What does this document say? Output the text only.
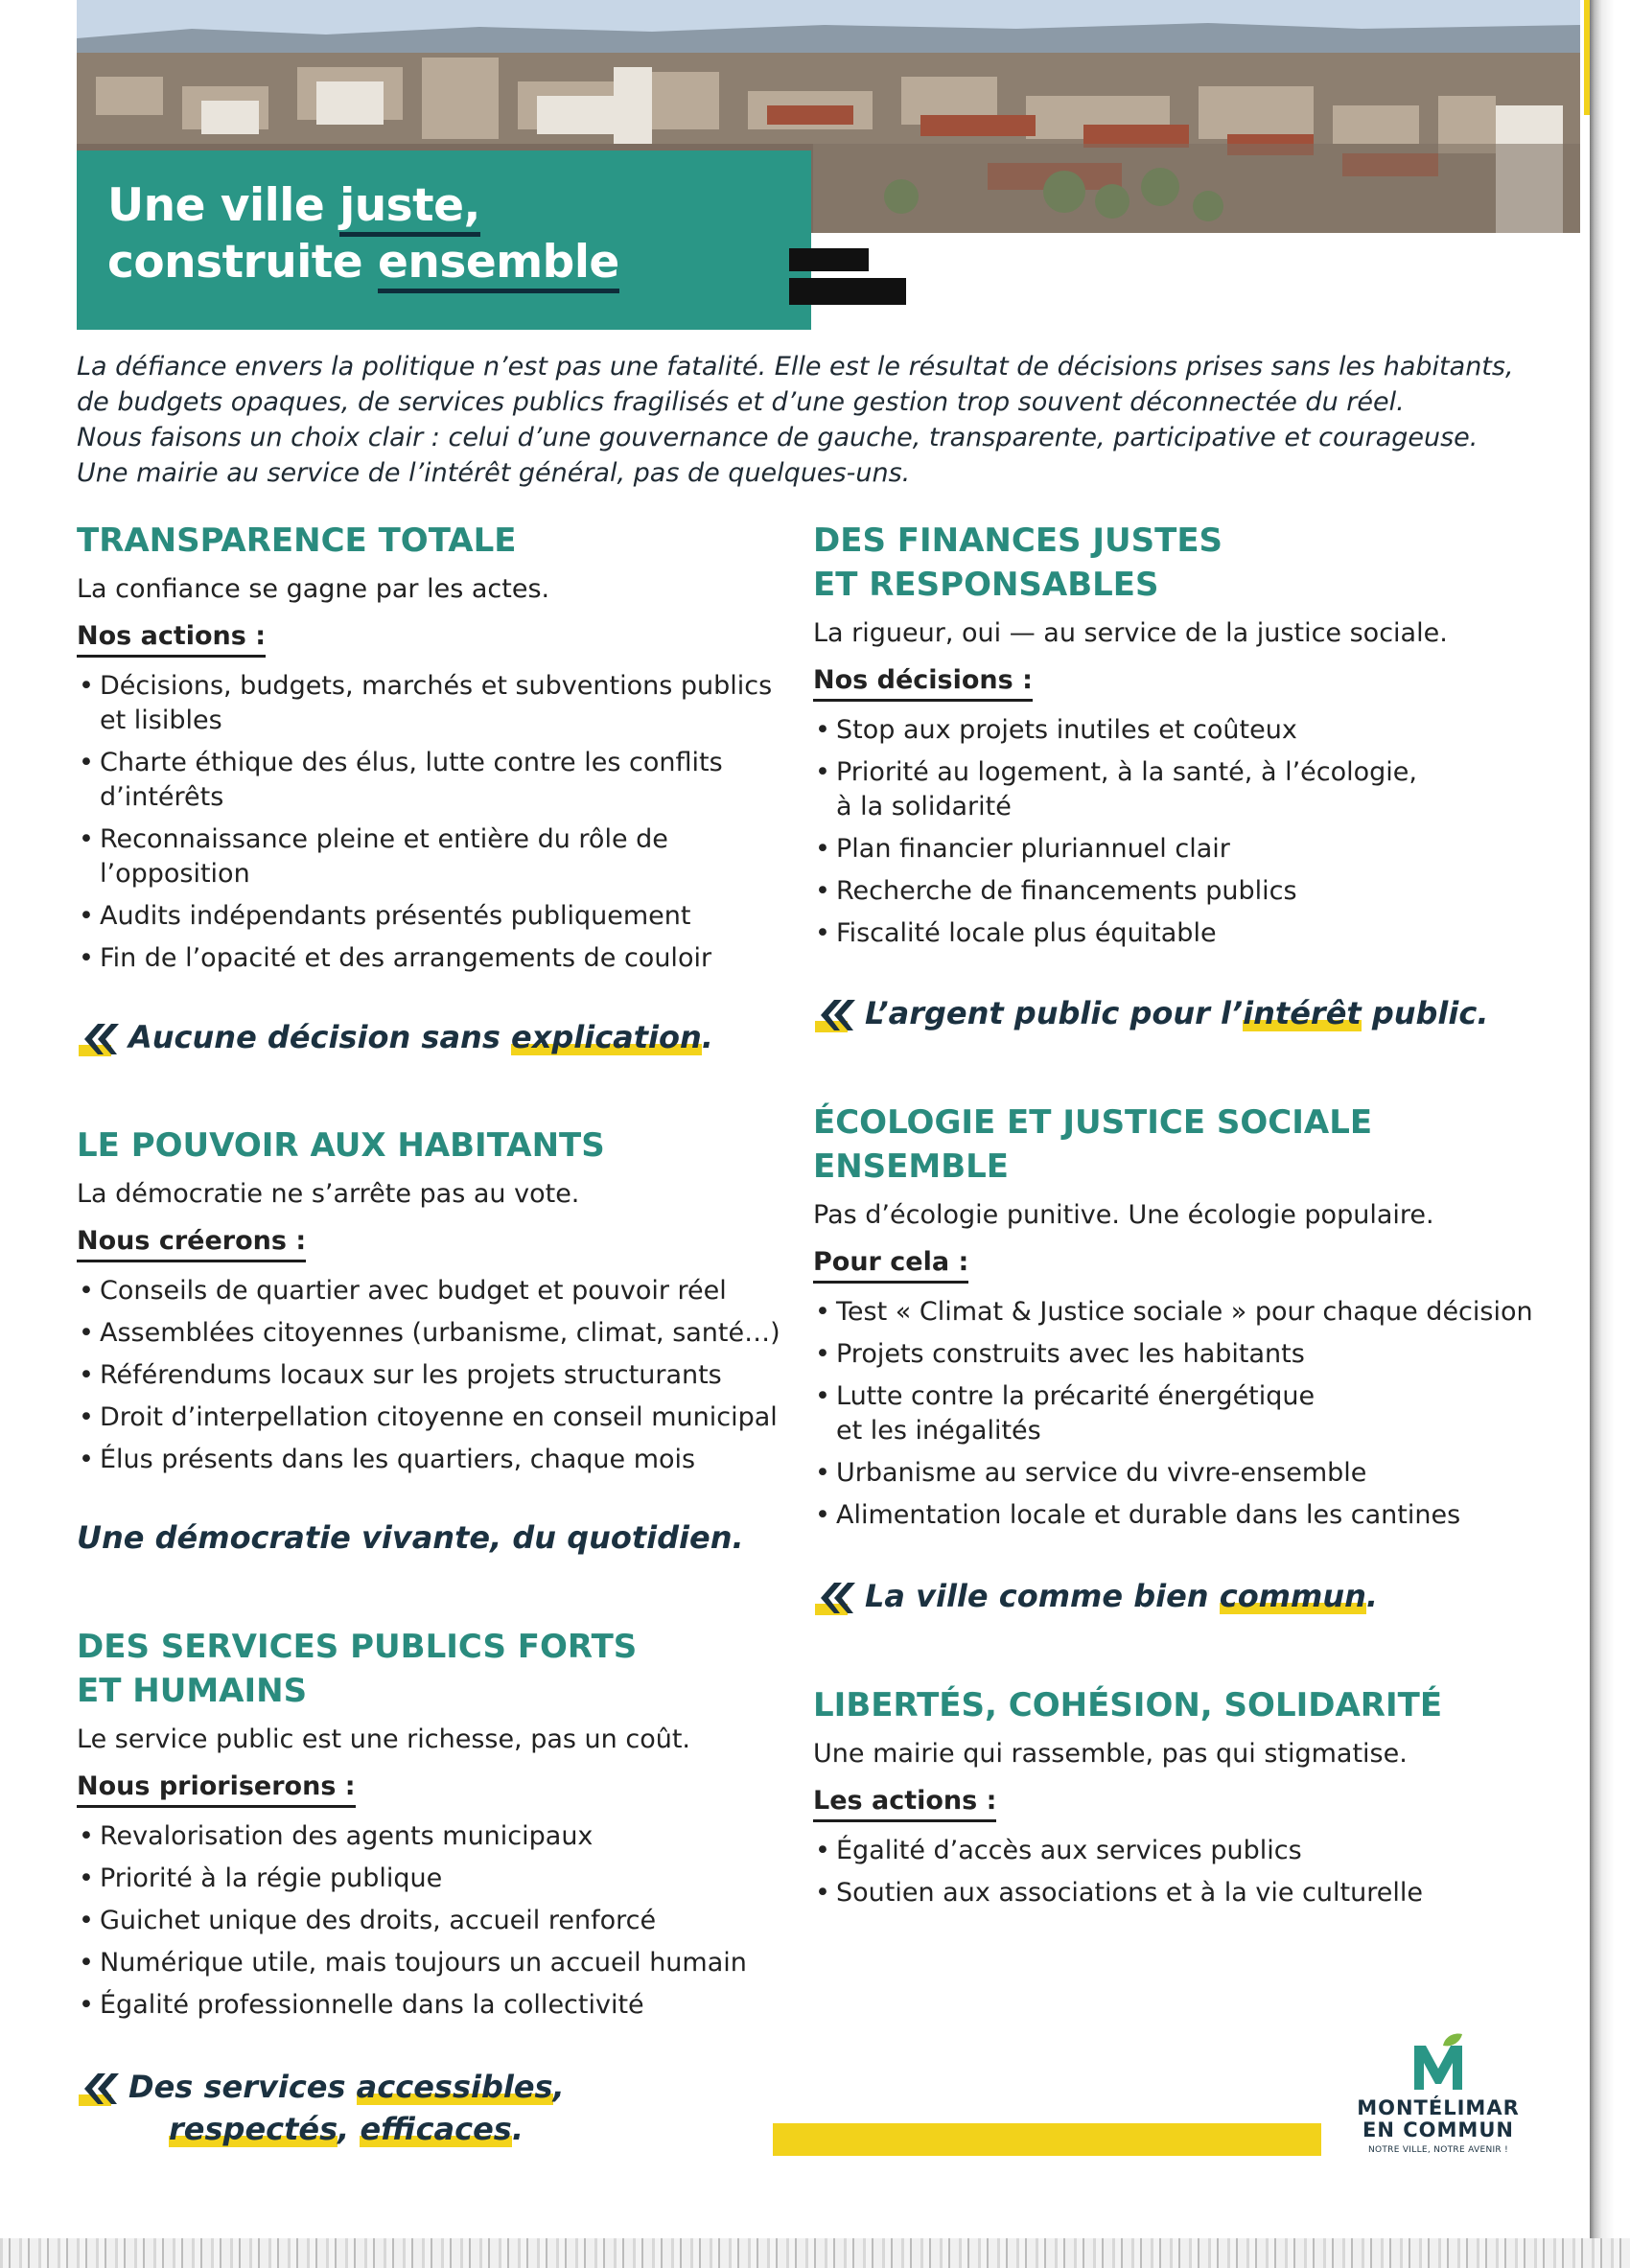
Une ville juste,
construite ensemble
La défiance envers la politique n’est pas une fatalité. Elle est le résultat de décisions prises sans les habitants,
de budgets opaques, de services publics fragilisés et d’une gestion trop souvent déconnectée du réel.
Nous faisons un choix clair : celui d’une gouvernance de gauche, transparente, participative et courageuse.
Une mairie au service de l’intérêt général, pas de quelques-uns.
TRANSPARENCE TOTALE
La confiance se gagne par les actes.
Nos actions :
• Décisions, budgets, marchés et subventions publics
et lisibles
• Charte éthique des élus, lutte contre les conflits
d’intérêts
• Reconnaissance pleine et entière du rôle de
l’opposition
• Audits indépendants présentés publiquement
• Fin de l’opacité et des arrangements de couloir
Aucune décision sans explication.
LE POUVOIR AUX HABITANTS
La démocratie ne s’arrête pas au vote.
Nous créerons :
• Conseils de quartier avec budget et pouvoir réel
• Assemblées citoyennes (urbanisme, climat, santé…)
• Référendums locaux sur les projets structurants
• Droit d’interpellation citoyenne en conseil municipal
• Élus présents dans les quartiers, chaque mois
Une démocratie vivante, du quotidien.
DES SERVICES PUBLICS FORTS
ET HUMAINS
Le service public est une richesse, pas un coût.
Nous prioriserons :
• Revalorisation des agents municipaux
• Priorité à la régie publique
• Guichet unique des droits, accueil renforcé
• Numérique utile, mais toujours un accueil humain
• Égalité professionnelle dans la collectivité
Des services accessibles,
respectés, efficaces.
DES FINANCES JUSTES
ET RESPONSABLES
La rigueur, oui — au service de la justice sociale.
Nos décisions :
• Stop aux projets inutiles et coûteux
• Priorité au logement, à la santé, à l’écologie,
à la solidarité
• Plan financier pluriannuel clair
• Recherche de financements publics
• Fiscalité locale plus équitable
L’argent public pour l’intérêt public.
ÉCOLOGIE ET JUSTICE SOCIALE
ENSEMBLE
Pas d’écologie punitive. Une écologie populaire.
Pour cela :
• Test « Climat & Justice sociale » pour chaque décision
• Projets construits avec les habitants
• Lutte contre la précarité énergétique
et les inégalités
• Urbanisme au service du vivre-ensemble
• Alimentation locale et durable dans les cantines
La ville comme bien commun.
LIBERTÉS, COHÉSION, SOLIDARITÉ
Une mairie qui rassemble, pas qui stigmatise.
Les actions :
• Égalité d’accès aux services publics
• Soutien aux associations et à la vie culturelle
MONTÉLIMAR
EN COMMUN
NOTRE VILLE, NOTRE AVENIR !
